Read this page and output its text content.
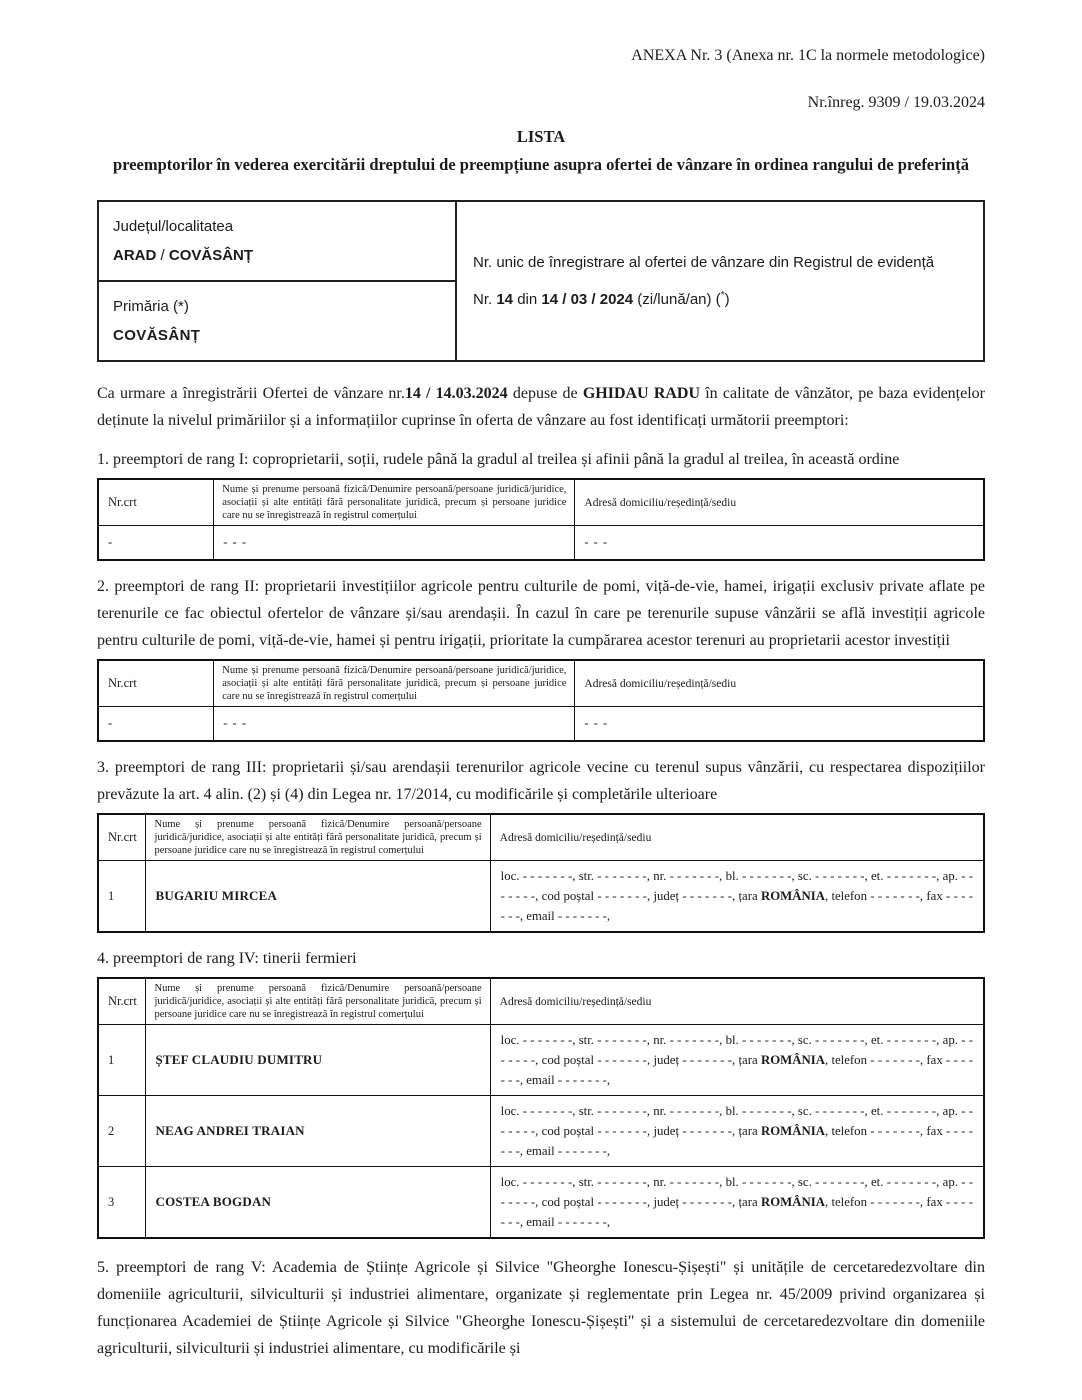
ANEXA Nr. 3 (Anexa nr. 1C la normele metodologice)
Nr.înreg. 9309 / 19.03.2024
LISTA
preemptorilor în vederea exercitării dreptului de preempțiune asupra ofertei de vânzare în ordinea rangului de preferință
Județul/localitatea
ARAD / COVĂSÂNȚ	Nr. unic de înregistrare al ofertei de vânzare din Registrul de evidență
Nr. 14 din 14 / 03 / 2024 (zi/lună/an) (*)

Primăria (*)
COVĂSÂNȚ

Ca urmare a înregistrării Ofertei de vânzare nr.14 / 14.03.2024 depuse de GHIDAU RADU în calitate de vânzător, pe baza evidențelor deținute la nivelul primăriilor și a informațiilor cuprinse în oferta de vânzare au fost identificați următorii preemptori:

1. preemptori de rang I: coproprietarii, soții, rudele până la gradul al treilea și afinii până la gradul al treilea, în această ordine

Nr.crt	Nume și prenume persoană fizică/Denumire persoană/persoane juridică/juridice, asociații și alte entități fără personalitate juridică, precum și persoane juridice care nu se înregistrează în registrul comerțului	Adresă domiciliu/reședință/sediu
-	- - -	- - -

2. preemptori de rang II: proprietarii investițiilor agricole pentru culturile de pomi, viță-de-vie, hamei, irigații exclusiv private aflate pe terenurile ce fac obiectul ofertelor de vânzare și/sau arendașii. În cazul în care pe terenurile supuse vânzării se află investiții agricole pentru culturile de pomi, viță-de-vie, hamei și pentru irigații, prioritate la cumpărarea acestor terenuri au proprietarii acestor investiții

Nr.crt	Nume și prenume persoană fizică/Denumire persoană/persoane juridică/juridice, asociații și alte entități fără personalitate juridică, precum și persoane juridice care nu se înregistrează în registrul comerțului	Adresă domiciliu/reședință/sediu
-	- - -	- - -

3. preemptori de rang III: proprietarii și/sau arendașii terenurilor agricole vecine cu terenul supus vânzării, cu respectarea dispozițiilor prevăzute la art. 4 alin. (2) și (4) din Legea nr. 17/2014, cu modificările și completările ulterioare

Nr.crt	Nume și prenume persoană fizică/Denumire persoană/persoane juridică/juridice, asociații și alte entități fără personalitate juridică, precum și persoane juridice care nu se înregistrează în registrul comerțului	Adresă domiciliu/reședință/sediu
1	BUGARIU MIRCEA	loc. - - - - - - -, str. - - - - - - -, nr. - - - - - - -, bl. - - - - - - -, sc. - - - - - - -, et. - - - - - - -, ap. - - - - - - -, cod poștal - - - - - - -, județ - - - - - - -, țara ROMÂNIA, telefon - - - - - - -, fax - - - - - - -, email - - - - - - -,

4. preemptori de rang IV: tinerii fermieri

Nr.crt	Nume și prenume persoană fizică/Denumire persoană/persoane juridică/juridice, asociații și alte entități fără personalitate juridică, precum și persoane juridice care nu se înregistrează în registrul comerțului	Adresă domiciliu/reședință/sediu
1	ȘTEF CLAUDIU DUMITRU	loc. - - - - - - -, str. - - - - - - -, nr. - - - - - - -, bl. - - - - - - -, sc. - - - - - - -, et. - - - - - - -, ap. - - - - - - -, cod poștal - - - - - - -, județ - - - - - - -, țara ROMÂNIA, telefon - - - - - - -, fax - - - - - - -, email - - - - - - -,
2	NEAG ANDREI TRAIAN	loc. - - - - - - -, str. - - - - - - -, nr. - - - - - - -, bl. - - - - - - -, sc. - - - - - - -, et. - - - - - - -, ap. - - - - - - -, cod poștal - - - - - - -, județ - - - - - - -, țara ROMÂNIA, telefon - - - - - - -, fax - - - - - - -, email - - - - - - -,
3	COSTEA BOGDAN	loc. - - - - - - -, str. - - - - - - -, nr. - - - - - - -, bl. - - - - - - -, sc. - - - - - - -, et. - - - - - - -, ap. - - - - - - -, cod poștal - - - - - - -, județ - - - - - - -, țara ROMÂNIA, telefon - - - - - - -, fax - - - - - - -, email - - - - - - -,

5. preemptori de rang V: Academia de Științe Agricole și Silvice "Gheorghe Ionescu-Șișești" și unitățile de cercetaredezvoltare din domeniile agriculturii, silviculturii și industriei alimentare, organizate și reglementate prin Legea nr. 45/2009 privind organizarea și funcționarea Academiei de Științe Agricole și Silvice "Gheorghe Ionescu-Șișești" și a sistemului de cercetaredezvoltare din domeniile agriculturii, silviculturii și industriei alimentare, cu modificările și
